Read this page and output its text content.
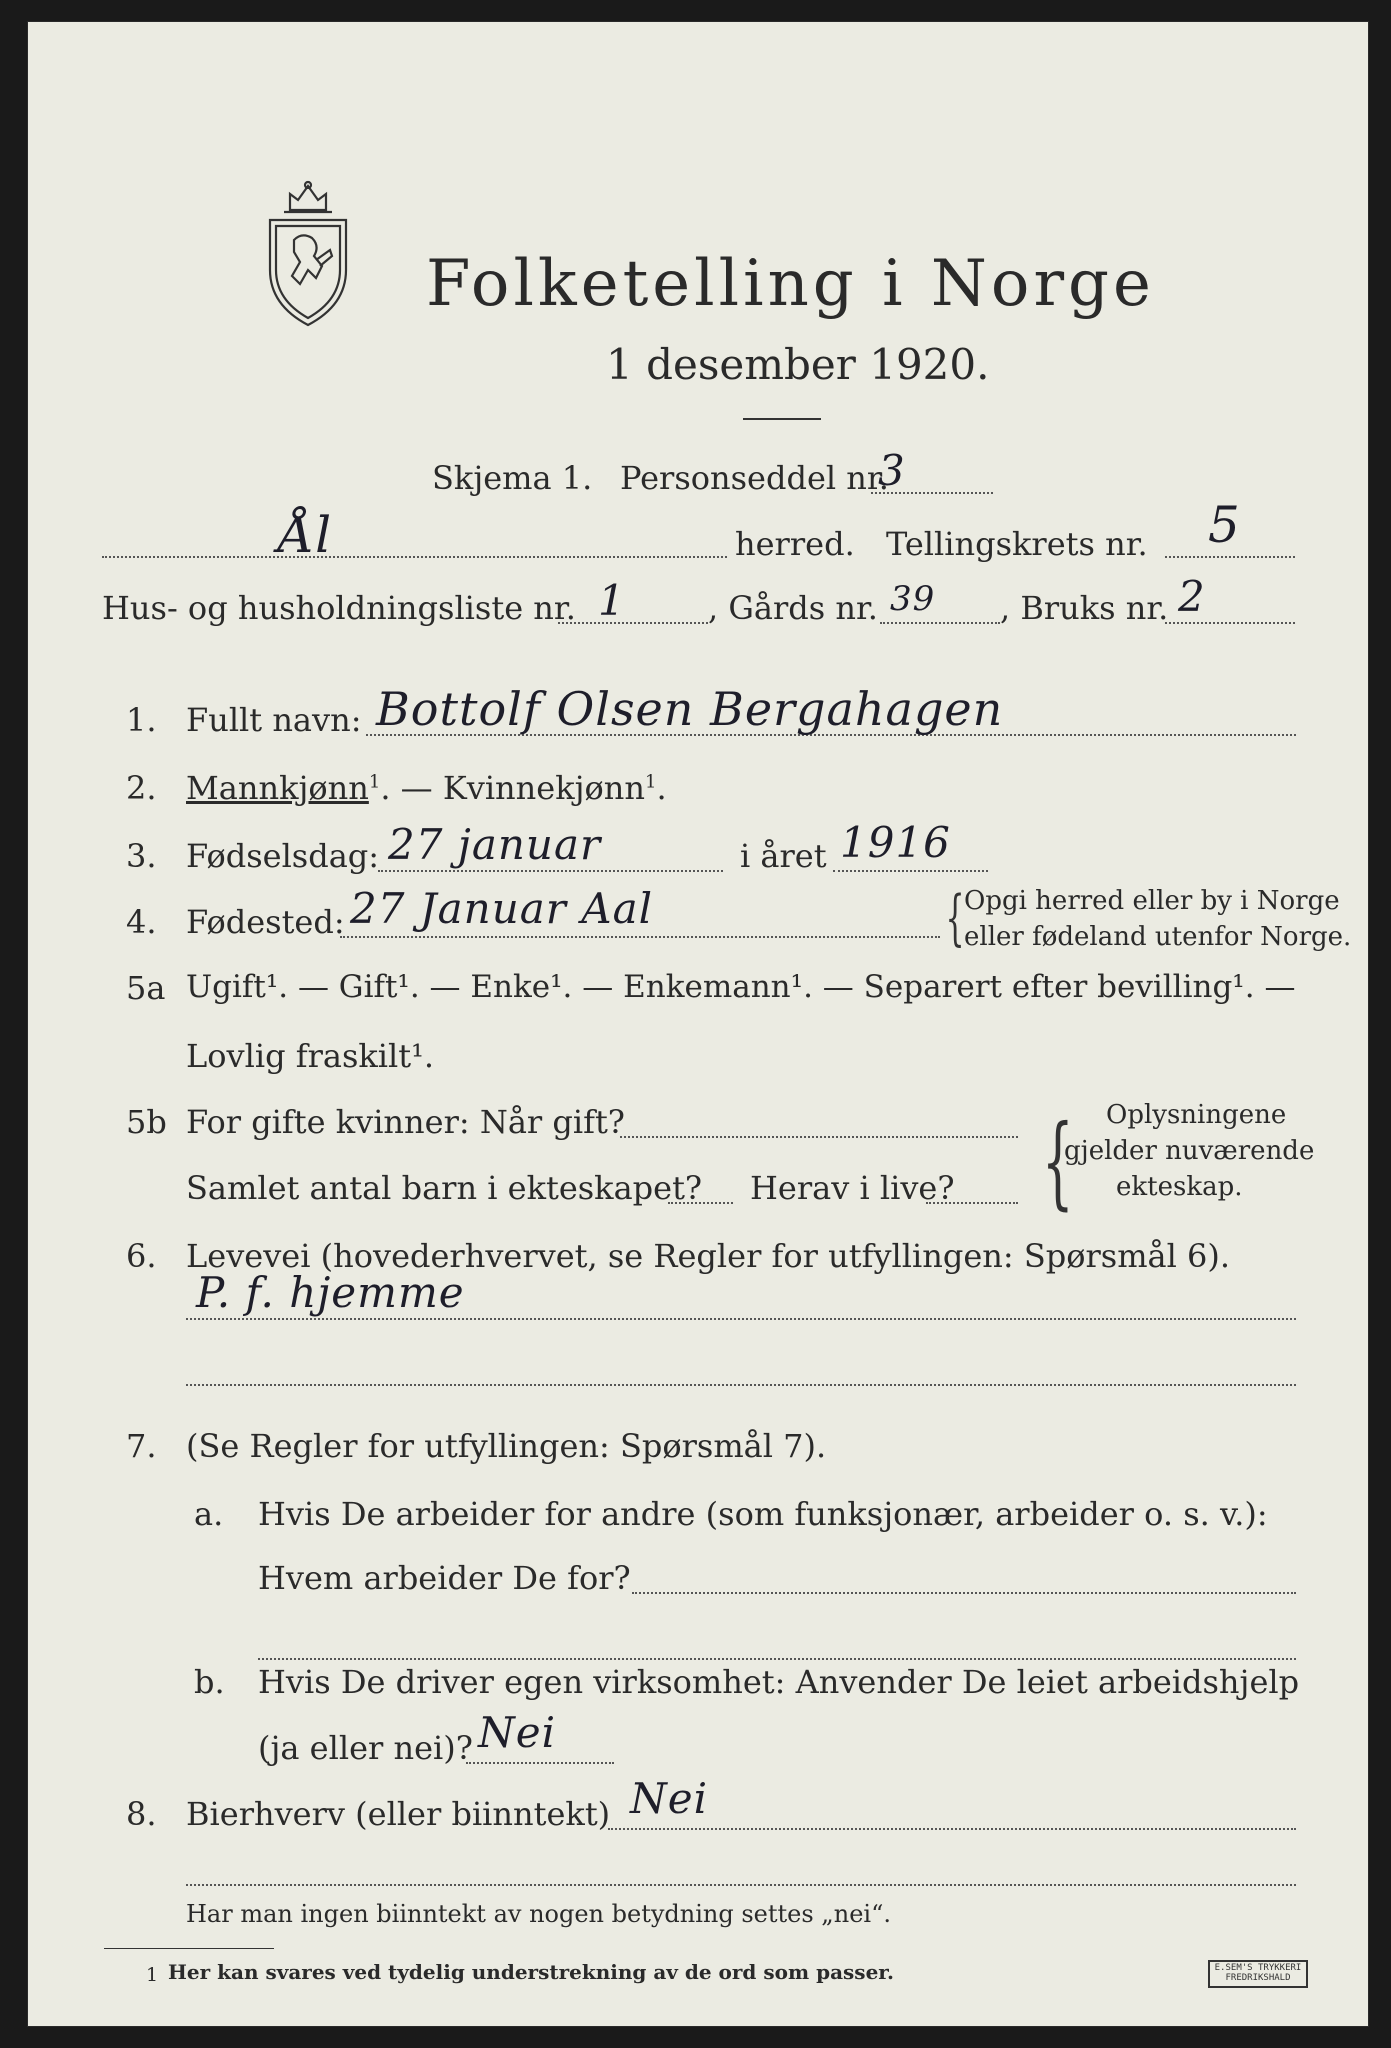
Folketelling i Norge
1 desember 1920.
Skjema 1. Personseddel nr.
3
Ål	herred. Tellingskrets nr. 5
Hus- og husholdningsliste nr. 1	, Gårds nr. 39 , Bruks nr. 2
1. Fullt navn: Bottolf Olsen Bergahagen
2. Mannkjønn$^1$. — Kvinnekjønn$^1$.
3. Fødselsdag: 27 januar	i året 1916
4. Fødested: 27 Januar Aal	{ Opgi herred eller by i Norge
eller fødeland utenfor Norge.
5a Ugift¹. — Gift¹. — Enke¹. — Enkemann¹. — Separert efter bevilling¹. —
Lovlig fraskilt¹.
5b For gifte kvinner: Når gift?
Samlet antal barn i ekteskapet? Herav i live? { Oplysningene
gjelder nuværende
ekteskap.
6. Levevei (hovederhvervet, se Regler for utfyllingen: Spørsmål 6).
P. f. hjemme
7. (Se Regler for utfyllingen: Spørsmål 7).
a. Hvis De arbeider for andre (som funksjonær, arbeider o. s. v.):
Hvem arbeider De for?
b. Hvis De driver egen virksomhet: Anvender De leiet arbeidshjelp
(ja eller nei)? Nei
8. Bierhverv (eller biinntekt) Nei
Har man ingen biinntekt av nogen betydning settes „nei“.
1 Her kan svares ved tydelig understrekning av de ord som passer.	E.SEM'S TRYKKERI
FREDRIKSHALD
